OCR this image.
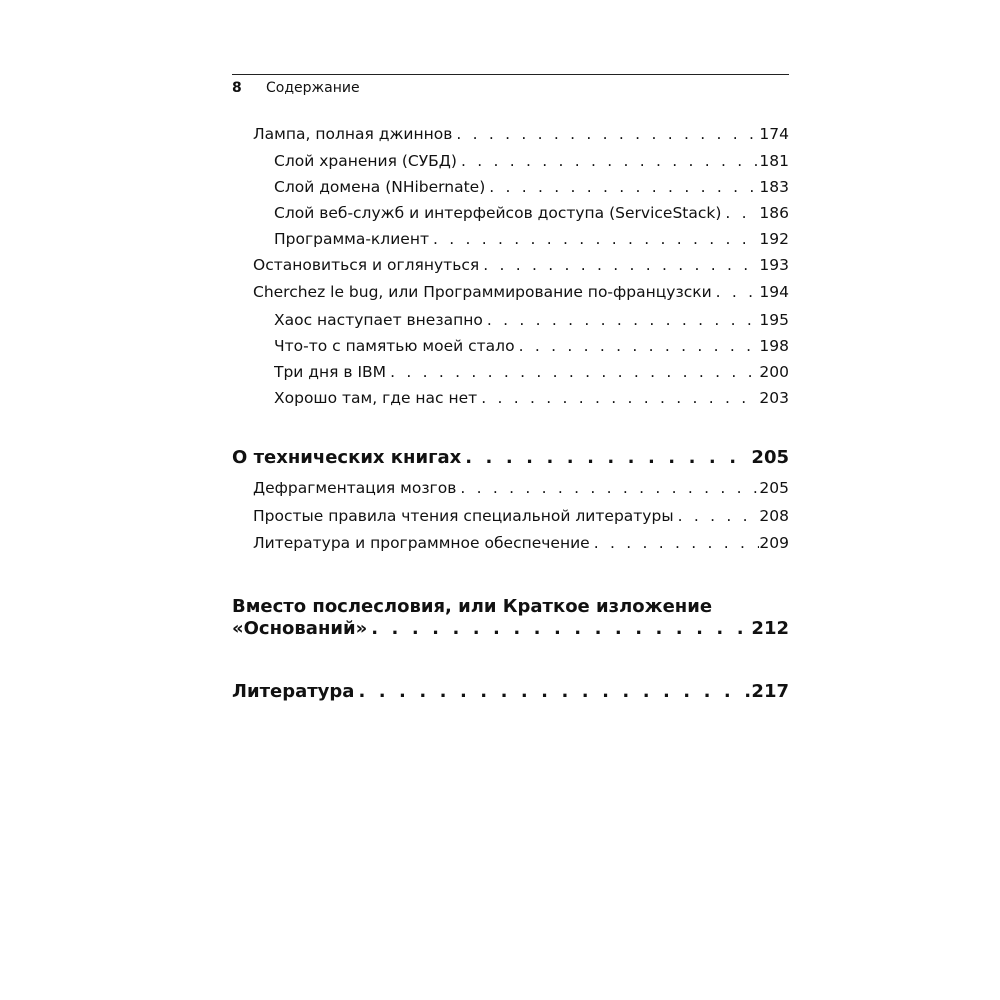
8	Содержание
Лампа, полная джиннов . . .	174
Слой хранения (СУБД) . . .	181
Слой домена (NHibernate) . . .	183
Слой веб-служб и интерфейсов доступа (ServiceStack) . . . 186
Программа-клиент . . .	192
Остановиться и оглянуться . . .	193
Cherchez le bug, или Программирование по-французски . . .	194
Хаос наступает внезапно . . .	195
Что-то с памятью моей стало . . .	198
Три дня в IBM . . .	200
Хорошо там, где нас нет . . .	203
О технических книгах . . .	205
Дефрагментация мозгов . . .	205
Простые правила чтения специальной литературы . . .	208
Литература и программное обеспечение . . .	209
Вместо послесловия, или Краткое изложение
«Оснований» . . .	212
Литература . . .	217
